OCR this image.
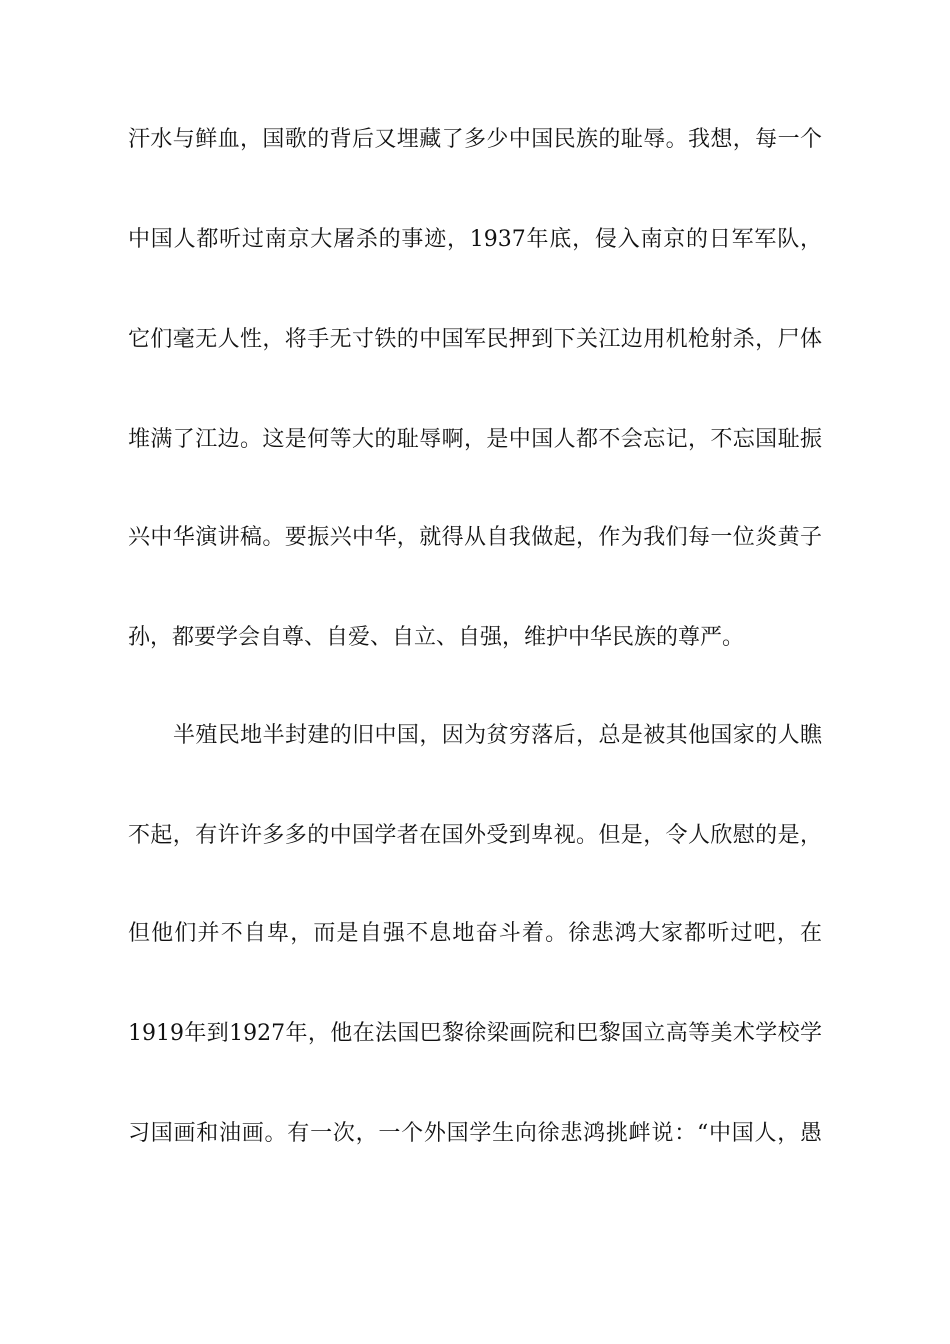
汗水与鲜血，国歌的背后又埋藏了多少中国民族的耻辱。我想，每一个
中国人都听过南京大屠杀的事迹，1937年底，侵入南京的日军军队，
它们毫无人性，将手无寸铁的中国军民押到下关江边用机枪射杀，尸体
堆满了江边。这是何等大的耻辱啊，是中国人都不会忘记，不忘国耻振
兴中华演讲稿。要振兴中华，就得从自我做起，作为我们每一位炎黄子
孙，都要学会自尊、自爱、自立、自强，维护中华民族的尊严。
半殖民地半封建的旧中国，因为贫穷落后，总是被其他国家的人瞧
不起，有许许多多的中国学者在国外受到卑视。但是，令人欣慰的是，
但他们并不自卑，而是自强不息地奋斗着。徐悲鸿大家都听过吧，在
1919年到1927年，他在法国巴黎徐梁画院和巴黎国立高等美术学校学
习国画和油画。有一次，一个外国学生向徐悲鸿挑衅说：“中国人，愚
